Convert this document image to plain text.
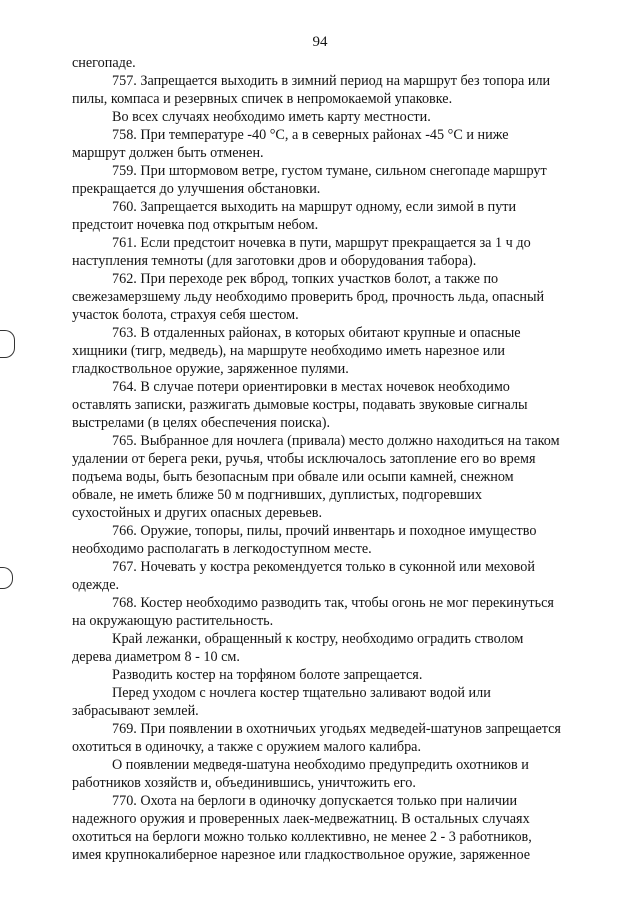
94
снегопаде.
757. Запрещается выходить в зимний период на маршрут без топора или
пилы, компаса и резервных спичек в непромокаемой упаковке.
Во всех случаях необходимо иметь карту местности.
758. При температуре -40 °С, а в северных районах -45 °С и ниже
маршрут должен быть отменен.
759. При штормовом ветре, густом тумане, сильном снегопаде маршрут
прекращается до улучшения обстановки.
760. Запрещается выходить на маршрут одному, если зимой в пути
предстоит ночевка под открытым небом.
761. Если предстоит ночевка в пути, маршрут прекращается за 1 ч до
наступления темноты (для заготовки дров и оборудования табора).
762. При переходе рек вброд, топких участков болот, а также по
свежезамерзшему льду необходимо проверить брод, прочность льда, опасный
участок болота, страхуя себя шестом.
763. В отдаленных районах, в которых обитают крупные и опасные
хищники (тигр, медведь), на маршруте необходимо иметь нарезное или
гладкоствольное оружие, заряженное пулями.
764. В случае потери ориентировки в местах ночевок необходимо
оставлять записки, разжигать дымовые костры, подавать звуковые сигналы
выстрелами (в целях обеспечения поиска).
765. Выбранное для ночлега (привала) место должно находиться на таком
удалении от берега реки, ручья, чтобы исключалось затопление его во время
подъема воды, быть безопасным при обвале или осыпи камней, снежном
обвале, не иметь ближе 50 м подгнивших, дуплистых, подгоревших
сухостойных и других опасных деревьев.
766. Оружие, топоры, пилы, прочий инвентарь и походное имущество
необходимо располагать в легкодоступном месте.
767. Ночевать у костра рекомендуется только в суконной или меховой
одежде.
768. Костер необходимо разводить так, чтобы огонь не мог перекинуться
на окружающую растительность.
Край лежанки, обращенный к костру, необходимо оградить стволом
дерева диаметром 8 - 10 см.
Разводить костер на торфяном болоте запрещается.
Перед уходом с ночлега костер тщательно заливают водой или
забрасывают землей.
769. При появлении в охотничьих угодьях медведей-шатунов запрещается
охотиться в одиночку, а также с оружием малого калибра.
О появлении медведя-шатуна необходимо предупредить охотников и
работников хозяйств и, объединившись, уничтожить его.
770. Охота на берлоги в одиночку допускается только при наличии
надежного оружия и проверенных лаек-медвежатниц. В остальных случаях
охотиться на берлоги можно только коллективно, не менее 2 - 3 работников,
имея крупнокалиберное нарезное или гладкоствольное оружие, заряженное
